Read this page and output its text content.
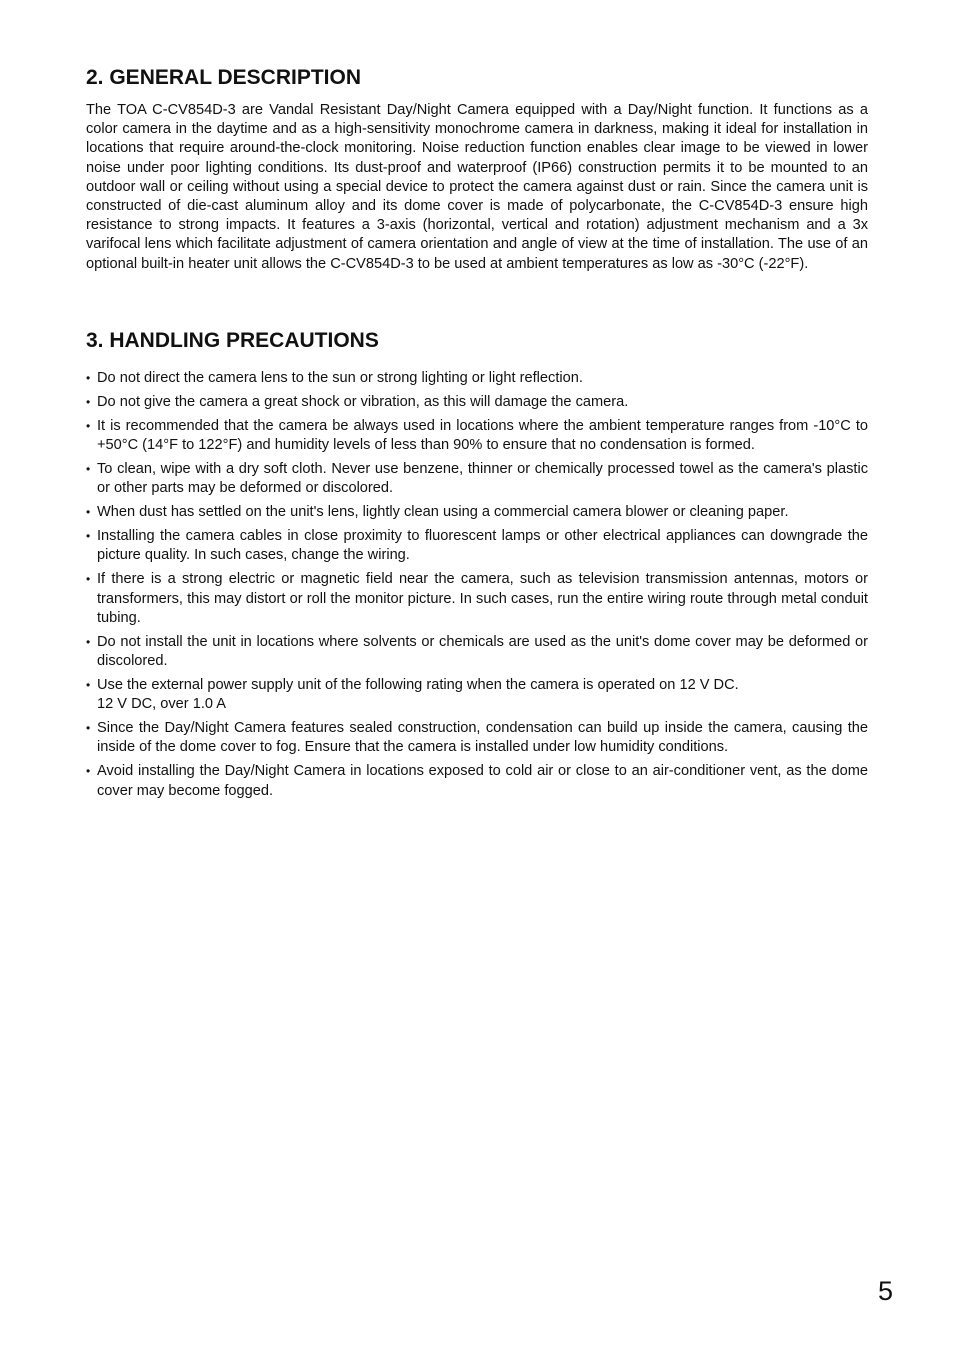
2. GENERAL DESCRIPTION

The TOA C-CV854D-3 are Vandal Resistant Day/Night Camera equipped with a Day/Night function. It functions as a color camera in the daytime and as a high-sensitivity monochrome camera in darkness, making it ideal for installation in locations that require around-the-clock monitoring. Noise reduction function enables clear image to be viewed in lower noise under poor lighting conditions. Its dust-proof and waterproof (IP66) construction permits it to be mounted to an outdoor wall or ceiling without using a special device to protect the camera against dust or rain. Since the camera unit is constructed of die-cast aluminum alloy and its dome cover is made of polycarbonate, the C-CV854D-3 ensure high resistance to strong impacts. It features a 3-axis (horizontal, vertical and rotation) adjustment mechanism and a 3x varifocal lens which facilitate adjustment of camera orientation and angle of view at the time of installation. The use of an optional built-in heater unit allows the C-CV854D-3 to be used at ambient temperatures as low as -30°C (-22°F).

3. HANDLING PRECAUTIONS
• Do not direct the camera lens to the sun or strong lighting or light reflection.
• Do not give the camera a great shock or vibration, as this will damage the camera.
• It is recommended that the camera be always used in locations where the ambient temperature ranges from -10°C to +50°C (14°F to 122°F) and humidity levels of less than 90% to ensure that no condensation is formed.
• To clean, wipe with a dry soft cloth. Never use benzene, thinner or chemically processed towel as the camera's plastic or other parts may be deformed or discolored.
• When dust has settled on the unit's lens, lightly clean using a commercial camera blower or cleaning paper.
• Installing the camera cables in close proximity to fluorescent lamps or other electrical appliances can downgrade the picture quality. In such cases, change the wiring.
• If there is a strong electric or magnetic field near the camera, such as television transmission antennas, motors or transformers, this may distort or roll the monitor picture. In such cases, run the entire wiring route through metal conduit tubing.
• Do not install the unit in locations where solvents or chemicals are used as the unit's dome cover may be deformed or discolored.
• Use the external power supply unit of the following rating when the camera is operated on 12 V DC.
12 V DC, over 1.0 A
• Since the Day/Night Camera features sealed construction, condensation can build up inside the camera, causing the inside of the dome cover to fog. Ensure that the camera is installed under low humidity conditions.
• Avoid installing the Day/Night Camera in locations exposed to cold air or close to an air-conditioner vent, as the dome cover may become fogged.
5
